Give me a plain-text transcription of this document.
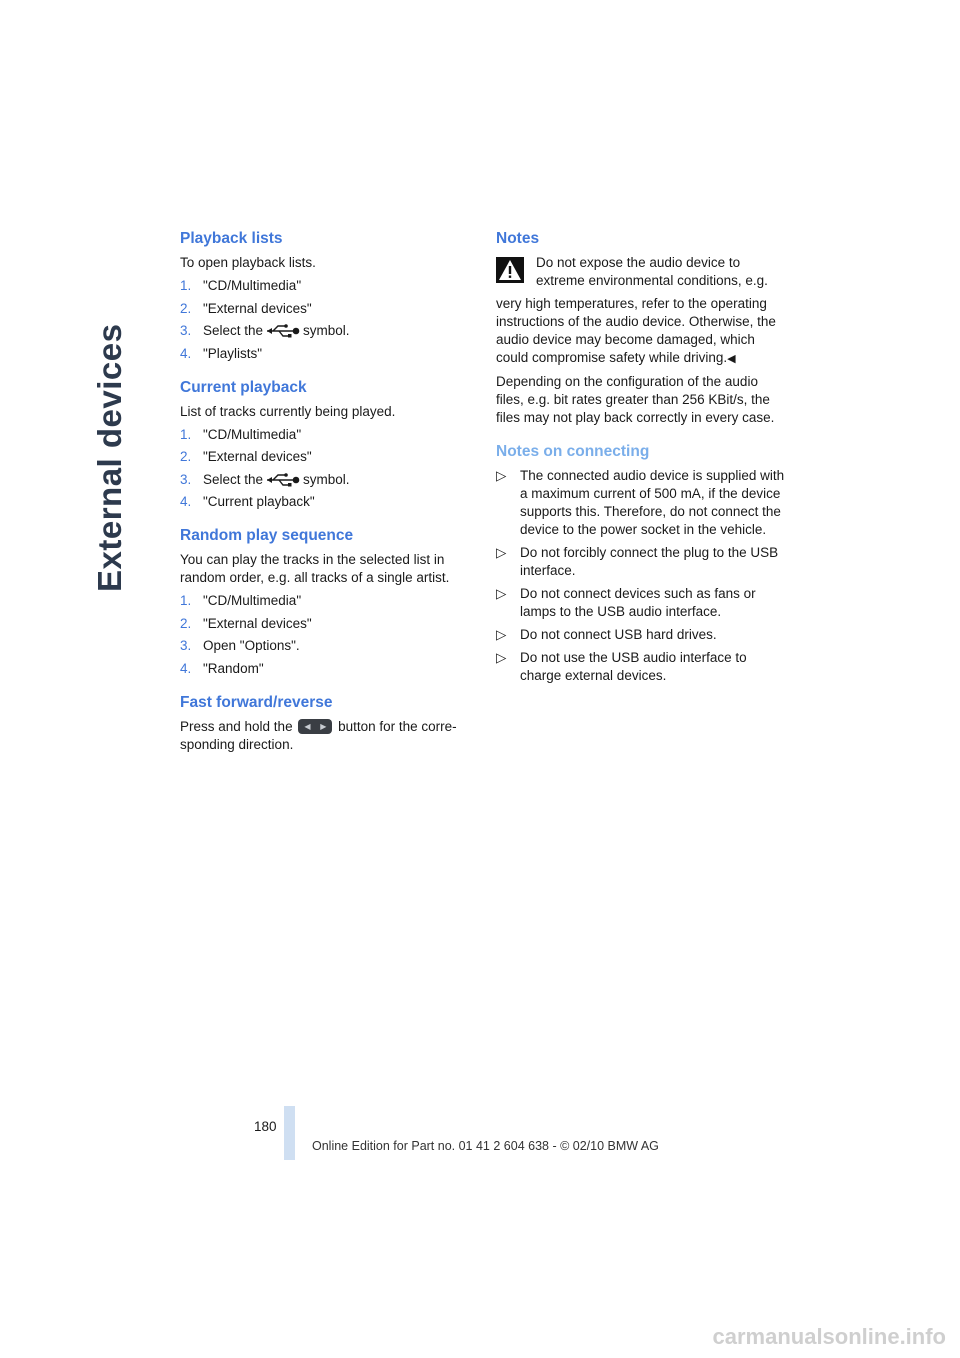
External devices
Playback lists

To open playback lists.

1. "CD/Multimedia"
2. "External devices"
3. Select the	symbol.
4. "Playlists"
Current playback

List of tracks currently being played.

1. "CD/Multimedia"
2. "External devices"
3. Select the	symbol.
4. "Current playback"
Random play sequence

You can play the tracks in the selected list in random order, e.g. all tracks of a single artist.

1. "CD/Multimedia"
2. "External devices"
3. Open "Options".
4. "Random"
Fast forward/reverse

Press and hold the ◀ ▶ button for the corre-sponding direction.

Notes
Do not expose the audio device to extreme environmental conditions, e.g.

very high temperatures, refer to the operating instructions of the audio device. Otherwise, the audio device may become damaged, which could compromise safety while driving.◀

Depending on the configuration of the audio files, e.g. bit rates greater than 256 KBit/s, the files may not play back correctly in every case.

Notes on connecting
▷	The connected audio device is supplied with a maximum current of 500 mA, if the device supports this. Therefore, do not connect the device to the power socket in the vehicle.
▷	Do not forcibly connect the plug to the USB interface.
▷	Do not connect devices such as fans or lamps to the USB audio interface.
▷	Do not connect USB hard drives.
▷	Do not use the USB audio interface to charge external devices.
180
Online Edition for Part no. 01 41 2 604 638 - © 02/10 BMW AG
carmanualsonline.info
